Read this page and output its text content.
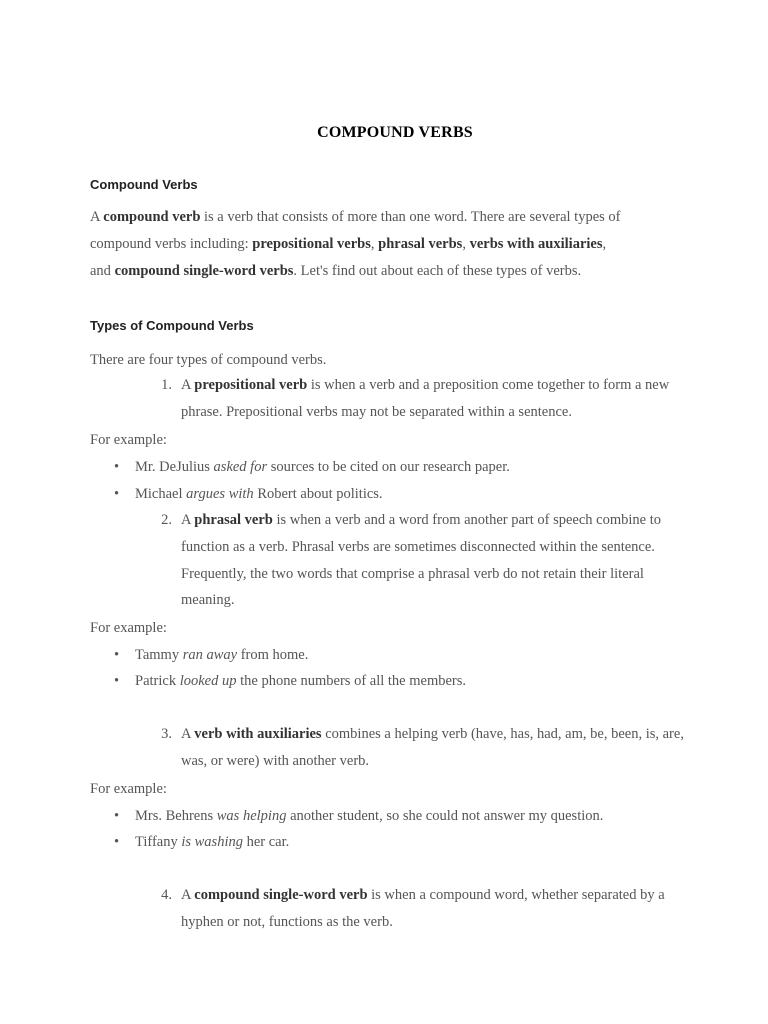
COMPOUND VERBS
Compound Verbs
A compound verb is a verb that consists of more than one word. There are several types of
compound verbs including: prepositional verbs, phrasal verbs, verbs with auxiliaries,
and compound single-word verbs. Let's find out about each of these types of verbs.
Types of Compound Verbs
There are four types of compound verbs.
1. A prepositional verb is when a verb and a preposition come together to form a new phrase. Prepositional verbs may not be separated within a sentence.
For example:
• Mr. DeJulius asked for sources to be cited on our research paper.
• Michael argues with Robert about politics.
2. A phrasal verb is when a verb and a word from another part of speech combine to function as a verb. Phrasal verbs are sometimes disconnected within the sentence. Frequently, the two words that comprise a phrasal verb do not retain their literal meaning.
For example:
• Tammy ran away from home.
• Patrick looked up the phone numbers of all the members.
3. A verb with auxiliaries combines a helping verb (have, has, had, am, be, been, is, are, was, or were) with another verb.
For example:
• Mrs. Behrens was helping another student, so she could not answer my question.
• Tiffany is washing her car.
4. A compound single-word verb is when a compound word, whether separated by a hyphen or not, functions as the verb.
